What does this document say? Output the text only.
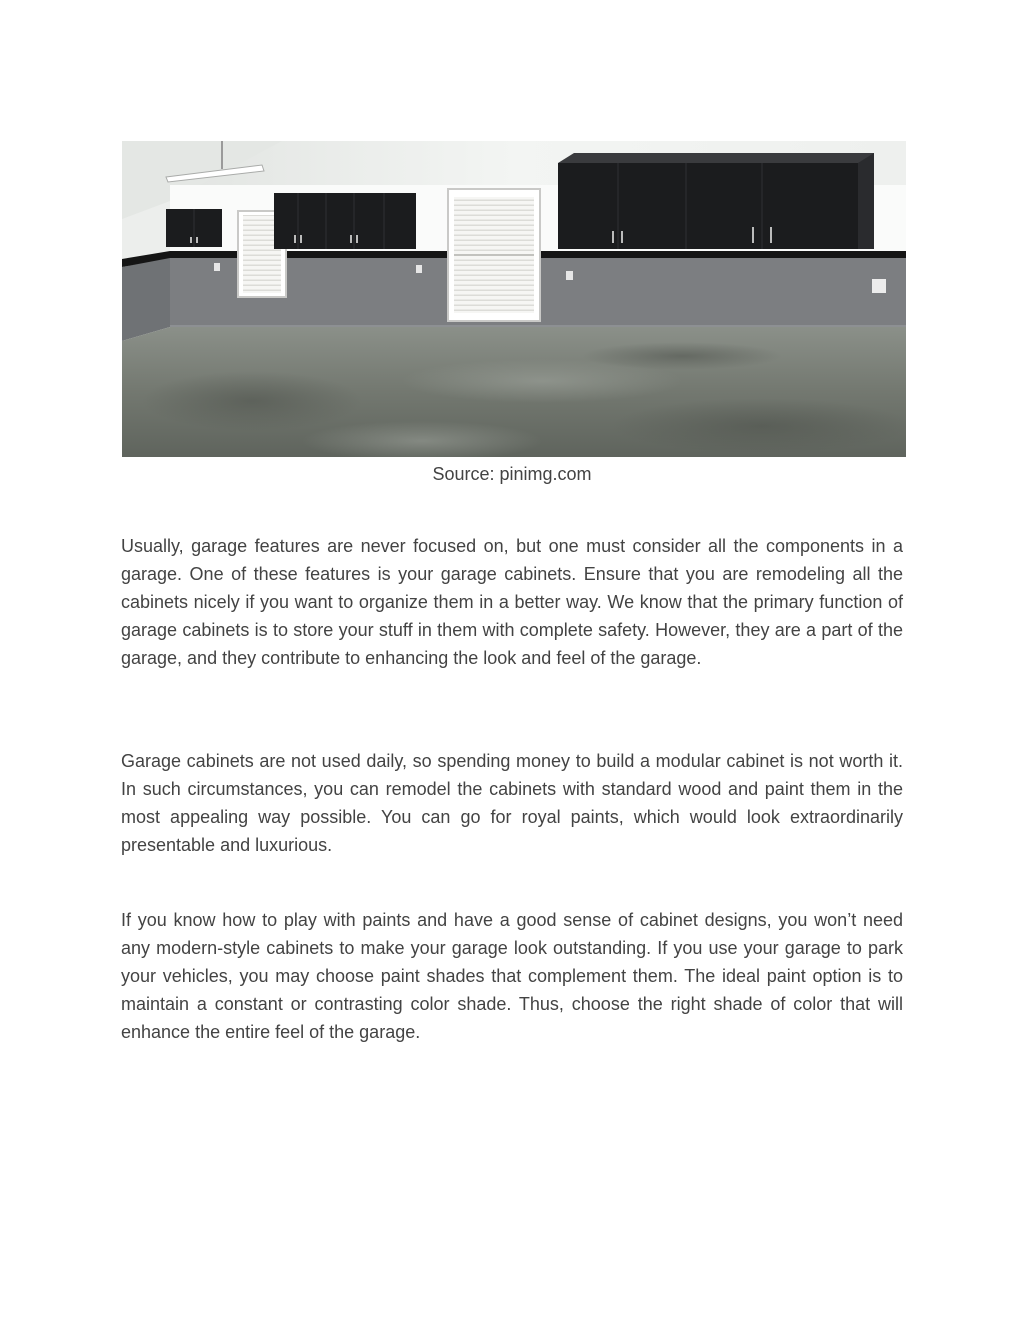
Source: pinimg.com

Usually, garage features are never focused on, but one must consider all the components in a garage. One of these features is your garage cabinets. Ensure that you are remodeling all the cabinets nicely if you want to organize them in a better way. We know that the primary function of garage cabinets is to store your stuff in them with complete safety. However, they are a part of the garage, and they contribute to enhancing the look and feel of the garage.

Garage cabinets are not used daily, so spending money to build a modular cabinet is not worth it. In such circumstances, you can remodel the cabinets with standard wood and paint them in the most appealing way possible. You can go for royal paints, which would look extraordinarily presentable and luxurious.

If you know how to play with paints and have a good sense of cabinet designs, you won’t need any modern-style cabinets to make your garage look outstanding. If you use your garage to park your vehicles, you may choose paint shades that complement them. The ideal paint option is to maintain a constant or contrasting color shade. Thus, choose the right shade of color that will enhance the entire feel of the garage.
